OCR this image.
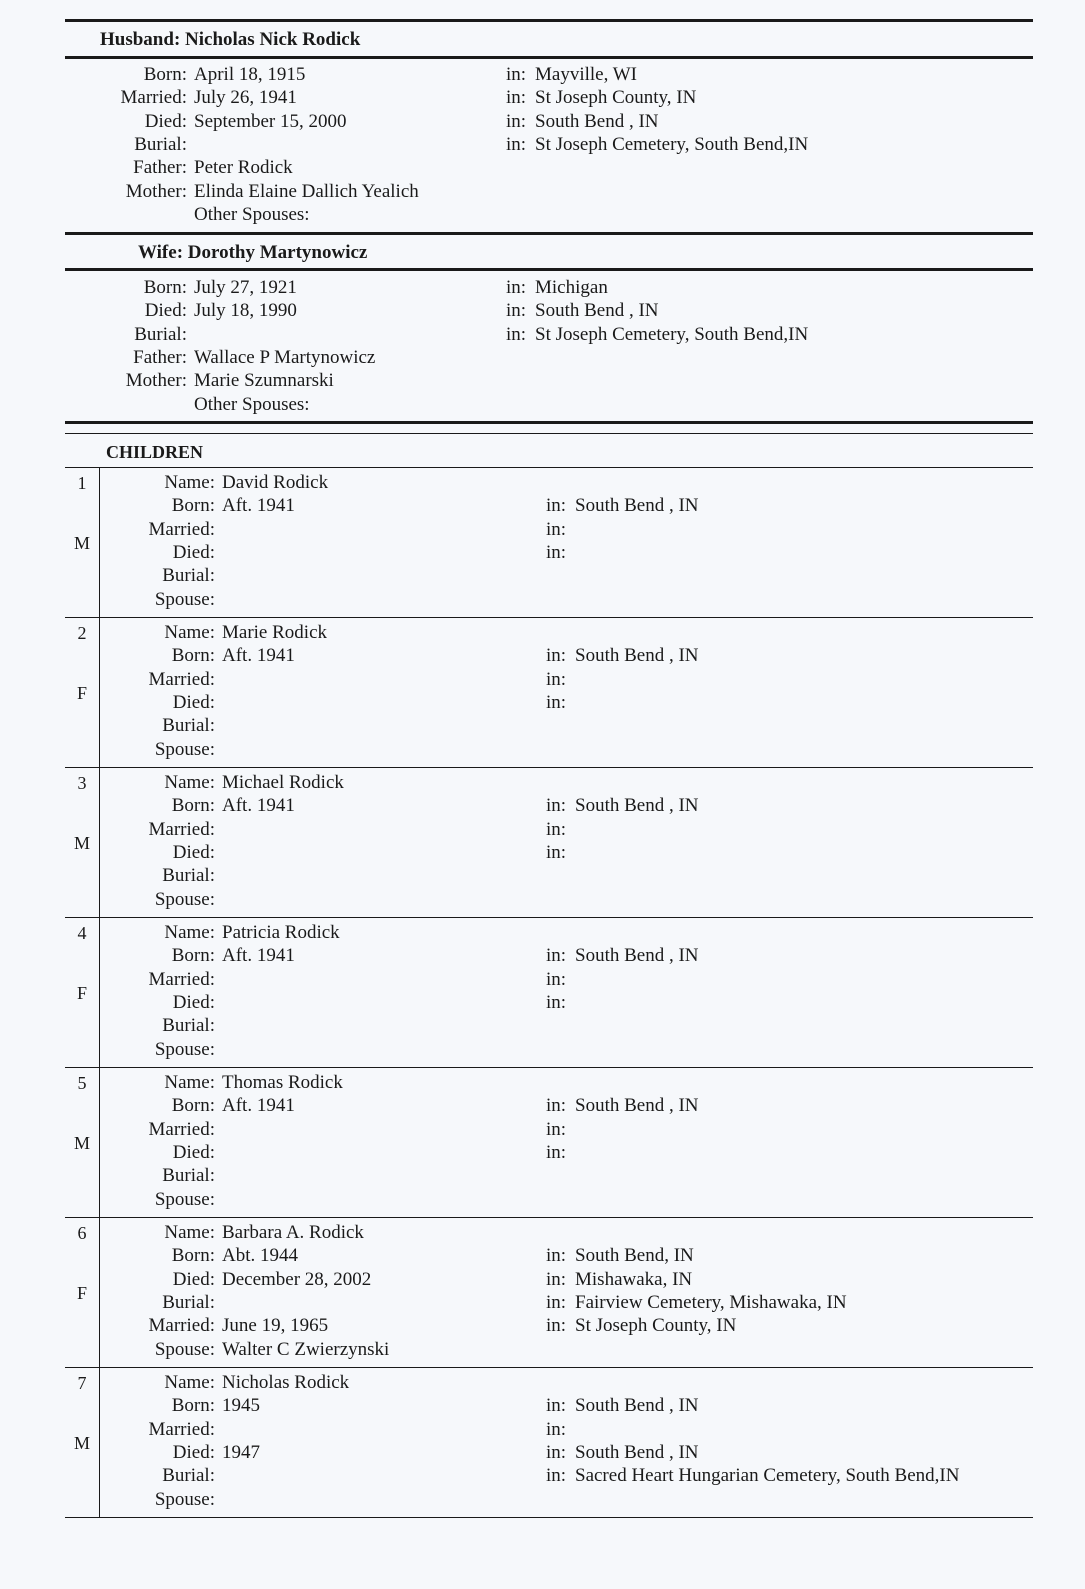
Husband: Nicholas Nick Rodick
Born: April 18, 1915	in: Mayville, WI
Married: July 26, 1941	in: St Joseph County, IN
Died: September 15, 2000	in: South Bend , IN
Burial:	in: St Joseph Cemetery, South Bend,IN
Father: Peter Rodick
Mother: Elinda Elaine Dallich Yealich
Other Spouses:
Wife: Dorothy Martynowicz
Born: July 27, 1921	in: Michigan
Died: July 18, 1990	in: South Bend , IN
Burial:	in: St Joseph Cemetery, South Bend,IN
Father: Wallace P Martynowicz
Mother: Marie Szumnarski
Other Spouses:
CHILDREN
1
M
Name: David Rodick
Born: Aft. 1941	in: South Bend , IN
Married:	in:
Died:	in:
Burial:
Spouse:
2
F
Name: Marie Rodick
Born: Aft. 1941	in: South Bend , IN
Married:	in:
Died:	in:
Burial:
Spouse:
3
M
Name: Michael Rodick
Born: Aft. 1941	in: South Bend , IN
Married:	in:
Died:	in:
Burial:
Spouse:
4
F
Name: Patricia Rodick
Born: Aft. 1941	in: South Bend , IN
Married:	in:
Died:	in:
Burial:
Spouse:
5
M
Name: Thomas Rodick
Born: Aft. 1941	in: South Bend , IN
Married:	in:
Died:	in:
Burial:
Spouse:
6
F
Name: Barbara A. Rodick
Born: Abt. 1944	in: South Bend, IN
Died: December 28, 2002	in: Mishawaka, IN
Burial:	in: Fairview Cemetery, Mishawaka, IN
Married: June 19, 1965	in: St Joseph County, IN
Spouse: Walter C Zwierzynski
7
M
Name: Nicholas Rodick
Born: 1945	in: South Bend , IN
Married:	in:
Died: 1947	in: South Bend , IN
Burial:	in: Sacred Heart Hungarian Cemetery, South Bend,IN
Spouse:
